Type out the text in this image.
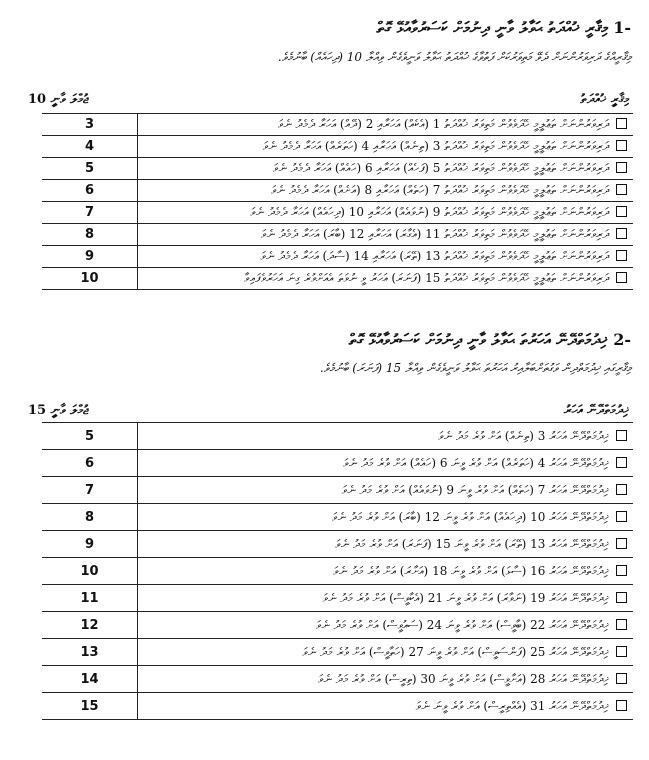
-1 މިޤާރީ ޚުއްދަތު ޙަވާލު ވާނީ ދިނުމަށް ކަސަރުވާއުޅޭ ގޮތް
މިޤާރީއްގެ ދަރިވަރުންނަށް ދެވޭ މަތިވަރުކަށް ފަތުވާގެ ޚުއްދަތު ޙަވާލު ވަނީވެގެން ވިއްލާ 10 (ދިހައެއް) ބާނުމެވެ.
ޖުމްލަ ވާނީ 10	މިޤާރީ ޚުއްދަތު
3	ދަރިވަރުންނަށް ތަޢުލީމީ ހޭދަވެވުން މަތިވަރު ޚުއްދަތު 1 (އެކެއް) އަހަރާއި 2 (ދޭއް) އަހަރާ ދެމެދު ނެވަ
4	ދަރިވަރުންނަށް ތަޢުލީމީ ހޭދަވެވުން މަތިވަރު ޚުއްދަތު 3 (ތިނެއް) އަހަރާއި 4 (ހަތަރެއް) އަހަރާ ދެމެދު ނެވަ
5	ދަރިވަރުންނަށް ތަޢުލީމީ ހޭދަވެވުން މަތިވަރު ޚުއްދަތު 5 (ފަހެއް) އަހަރާއި 6 (ހައެއް) އަހަރާ ދެމެދު ނެވަ
6	ދަރިވަރުންނަށް ތަޢުލީމީ ހޭދަވެވުން މަތިވަރު ޚުއްދަތު 7 (ހަތެއް) އަހަރާއި 8 (އަށެއް) އަހަރާ ދެމެދު ނެވަ
7	ދަރިވަރުންނަށް ތަޢުލީމީ ހޭދަވެވުން މަތިވަރު ޚުއްދަތު 9 (ނުވައެއް) އަހަރާއި 10 (ދިހައެއް) އަހަރާ ދެމެދު ނެވަ
8	ދަރިވަރުންނަށް ތަޢުލީމީ ހޭދަވެވުން މަތިވަރު ޚުއްދަތު 11 (އެގާރަ) އަހަރާއި 12 (ބާރަ) އަހަރާ ދެމެދު ނެވަ
9	ދަރިވަރުންނަށް ތަޢުލީމީ ހޭދަވެވުން މަތިވަރު ޚުއްދަތު 13 (ތޭރަ) އަހަރާއި 14 (ސާދަ) އަހަރާ ދެމެދު ނެވަ
10	ދަރިވަރުންނަށް ތަޢުލީމީ ހޭދަވެވުން މަތިވަރު ޚުއްދަތު 15 (ފަނަރަ) އަހަރު ވީ ނުވަތަ އެއަށްވުރެ ގިނަ އަހަރުވެފައިވާ
-2 ޚިދުމަތްދޭނޭ އަހަރުތަ ޙަވާލު ވާނީ ދިނުމަށް ކަސަރުވާއުޅޭ ގޮތް
މިޤާރީގައި ޚިދުމަތްދިން ވަގުތަށްބަލާއިރު އަހަރުތަ ޙަވާލު ވަނީވެގެން ވިއްލާ 15 (ފަނަރަ) ބާނުމެވެ.
15 ޖުމްލަ ވާނީ	ޚިދުމަތްދޭނޭ އަހަރު
5	ޚިދުމަތްދޭނޭ އަހަރު 3 (ތިނެއް) އަށް ވުރެ މަދު ނެވަ
6	ޚިދުމަތްދޭނޭ އަހަރު 4 (ހަތަރެއް) އަށް ވުރެ ވީނަ 6 (ހައެއް) އަށް ވުރެ މަދު ނެވަ
7	ޚިދުމަތްދޭނޭ އަހަރު 7 (ހަތެއް) އަށް ވުރެ ވީނަ 9 (ނުވައެއް) އަށް ވުރެ މަދު ނެވަ
8	ޚިދުމަތްދޭނޭ އަހަރު 10 (ދިހައެއް) އަށް ވުރެ ވީނަ 12 (ބާރަ) އަށް ވުރެ މަދު ނެވަ
9	ޚިދުމަތްދޭނޭ އަހަރު 13 (ތޭރަ) އަށް ވުރެ ވީނަ 15 (ފަނަރަ) އަށް ވުރެ މަދު ނެވަ
10	ޚިދުމަތްދޭނޭ އަހަރު 16 (ސާޅަ) އަށް ވުރެ ވީނަ 18 (އަށާރަ) އަށް ވުރެ މަދު ނެވަ
11	ޚިދުމަތްދޭނޭ އަހަރު 19 (ނަވާރަ) އަށް ވުރެ ވީނަ 21 (އެކާވީސް) އަށް ވުރެ މަދު ނެވަ
12	ޚިދުމަތްދޭނޭ އަހަރު 22 (ބާވީސް) އަށް ވުރެ ވީނަ 24 (ސައުވީސް) އަށް ވުރެ މަދު ނެވަ
13	ޚިދުމަތްދޭނޭ އަހަރު 25 (ފަންސަވީސް) އަށް ވުރެ ވީނަ 27 (ހަތާވީސް) އަށް ވުރެ މަދު ނެވަ
14	ޚިދުމަތްދޭނޭ އަހަރު 28 (އަށާވީސް) އަށް ވުރެ ވީނަ 30 (ތިރީސް) އަށް ވުރެ މަދު ނެވަ
15	ޚިދުމަތްދޭނޭ އަހަރު 31 (އެއްތިރީސް) އަށް ވުރެ ވީނަ ނެވަ
